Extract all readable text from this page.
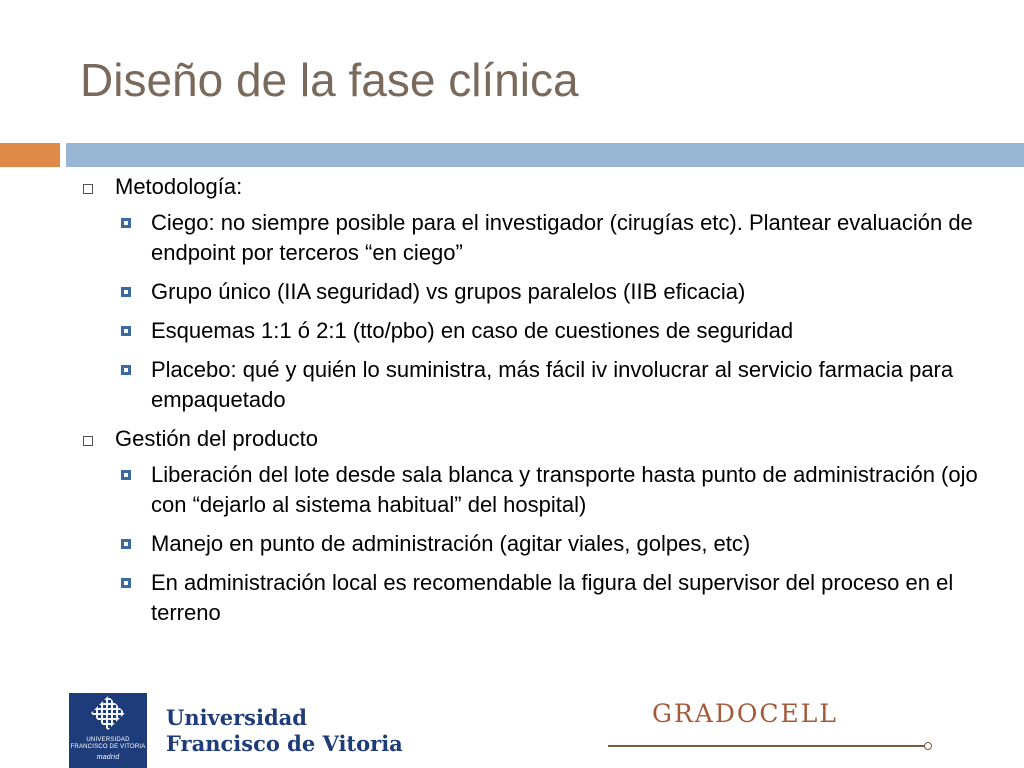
Diseño de la fase clínica
Metodología:
Ciego: no siempre posible para el investigador (cirugías etc). Plantear evaluación de endpoint por terceros “en ciego”
Grupo único (IIA seguridad) vs grupos paralelos (IIB eficacia)
Esquemas 1:1 ó 2:1 (tto/pbo) en caso de cuestiones de seguridad
Placebo: qué y quién lo suministra, más fácil iv involucrar al servicio farmacia para empaquetado
Gestión del producto
Liberación del lote desde sala blanca y transporte hasta punto de administración (ojo con “dejarlo al sistema habitual” del hospital)
Manejo en punto de administración (agitar viales, golpes, etc)
En administración local es recomendable la figura del supervisor del proceso en el terreno
UNIVERSIDAD
FRANCISCO DE VITORIA
madrid
Universidad
Francisco de Vitoria
GRADOCELL
